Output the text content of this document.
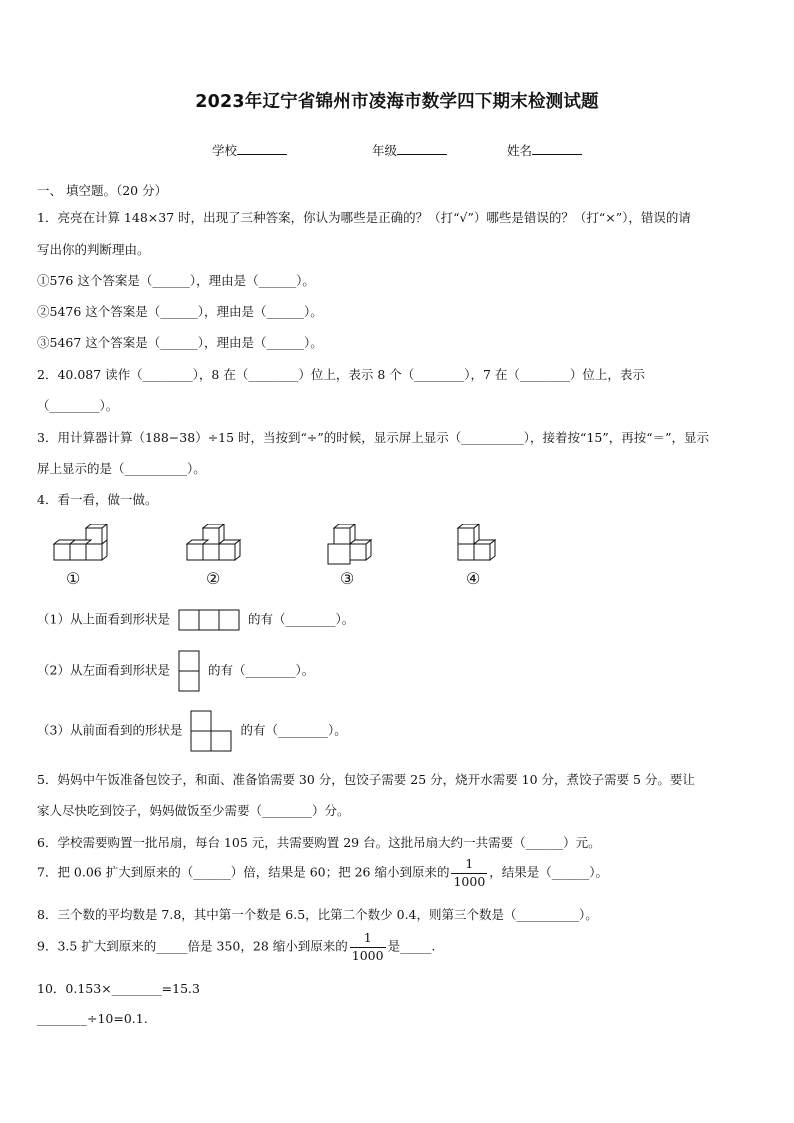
2023年辽宁省锦州市凌海市数学四下期末检测试题
学校	年级	姓名
一、 填空题。（20 分）
1．亮亮在计算 148×37 时，出现了三种答案，你认为哪些是正确的？（打“√”）哪些是错误的？（打“×”），错误的请
写出你的判断理由。
①576 这个答案是（______），理由是（______）。
②5476 这个答案是（______），理由是（______）。
③5467 这个答案是（______），理由是（______）。
2．40.087 读作（________），8 在（________）位上，表示 8 个（________），7 在（________）位上，表示
（________）。
3．用计算器计算（188−38）÷15 时，当按到“÷”的时候，显示屏上显示（__________），接着按“15”，再按“＝”，显示
屏上显示的是（__________）。
4．看一看，做一做。
①	②	③	④
（1）从上面看到形状是	的有（________）。
（2）从左面看到形状是	的有（________）。
（3）从前面看到的形状是	的有（________）。
5．妈妈中午饭准备包饺子，和面、准备馅需要 30 分，包饺子需要 25 分，烧开水需要 10 分，煮饺子需要 5 分。要让
家人尽快吃到饺子，妈妈做饭至少需要（________）分。
6．学校需要购置一批吊扇，每台 105 元，共需要购置 29 台。这批吊扇大约一共需要（______）元。
7．把 0.06 扩大到原来的（______）倍，结果是 60；把 26 缩小到原来的 $\frac{1}{1000}$ ，结果是（______）。
8．三个数的平均数是 7.8，其中第一个数是 6.5，比第二个数少 0.4，则第三个数是（__________）。
9．3.5 扩大到原来的_____倍是 350，28 缩小到原来的 $\frac{1}{1000}$ 是_____.
10．0.153×________=15.3
________÷10=0.1.
